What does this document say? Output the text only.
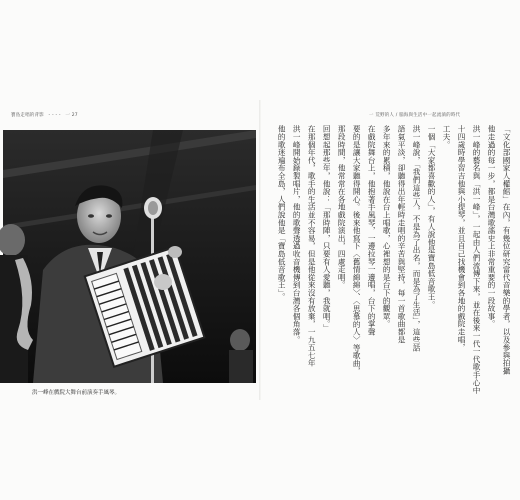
寶島走唱的背影 - - - - 一 27	一 荒野的人 / 腦海與生活中一起流淌的時代
洪一峰在戲院大舞台前演奏手風琴。
「文化部國家人權館」在內，有幾位研究當代音樂的學者，以及參與拍攝
他走過的每一步，都是台灣歌謠史上非常重要的一段故事。
洪一峰的藝名與「洪一峰」，一起由人們流傳下來，並在後來一代一代歌手心中
十四歲時學習吉他與小提琴，並且自己找機會到各地的戲院走唱，
工夫。
一個「大家都喜歡的人」，有人說他是寶島低音歌王。
洪一峰說，「我們這些人，不是為了出名，而是為了生活」，這些話
語氣平淡，卻聽得出年輕時走唱的辛苦與堅持，每一首歌曲都是
多年來的累積，他說在台上唱歌，心裡想的是台下的觀眾。
在戲院舞台上，他抱著手風琴，一邊拉琴一邊唱，台下的掌聲
要的是讓大家聽得開心。後來他寫下〈舊情綿綿〉、〈思慕的人〉等歌曲，
那段時間，他常常在各地戲院演出，四處走唱。
回想起那些年，他說：「那時陣，只要有人愛聽，我就唱。」
在那個年代，歌手的生活並不容易，但是他從來沒有放棄，一九五七年
洪一峰開始錄製唱片，他的歌聲透過收音機傳到台灣各個角落。
他的歌迷遍布全島，人們說他是「寶島低音歌王」。
